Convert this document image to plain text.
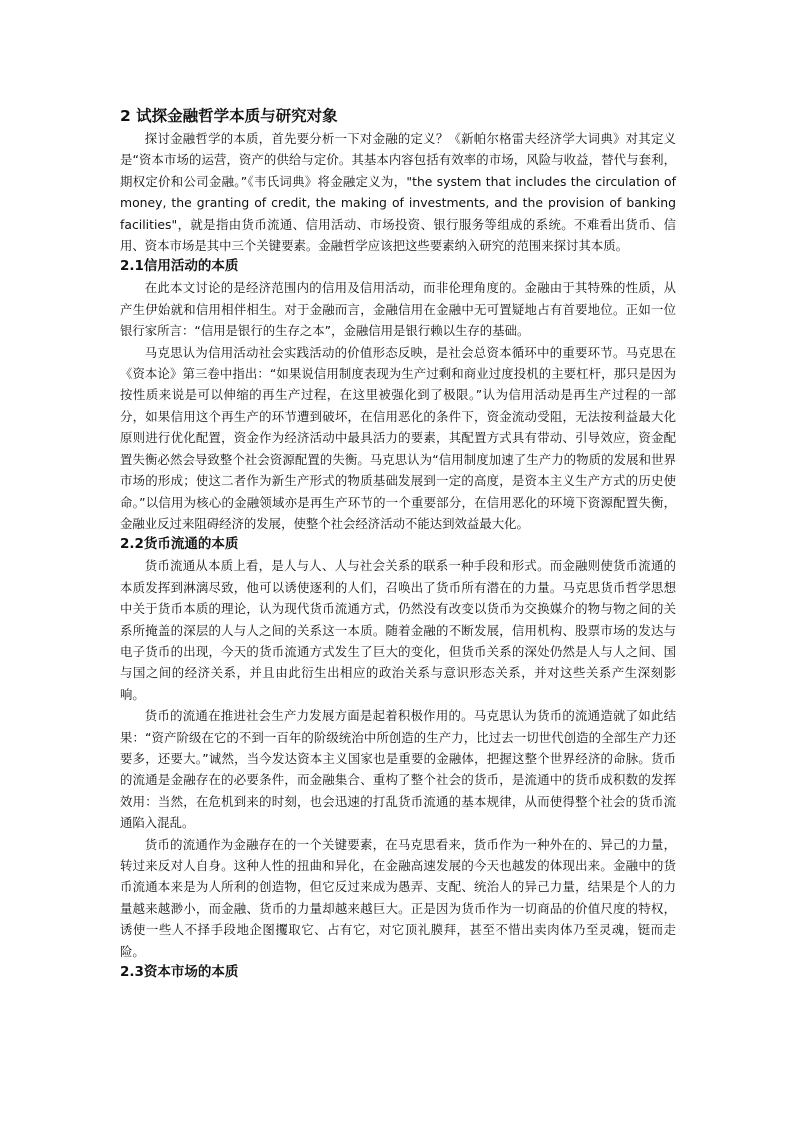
2 试探金融哲学本质与研究对象

探讨金融哲学的本质，首先要分析一下对金融的定义？《新帕尔格雷夫经济学大词典》对其定义是“资本市场的运营，资产的供给与定价。其基本内容包括有效率的市场，风险与收益，替代与套利，期权定价和公司金融。”《韦氏词典》将金融定义为，"the system that includes the circulation of money, the granting of credit, the making of investments, and the provision of banking facilities"，就是指由货币流通、信用活动、市场投资、银行服务等组成的系统。不难看出货币、信用、资本市场是其中三个关键要素。金融哲学应该把这些要素纳入研究的范围来探讨其本质。

2.1信用活动的本质

在此本文讨论的是经济范围内的信用及信用活动，而非伦理角度的。金融由于其特殊的性质，从产生伊始就和信用相伴相生。对于金融而言，金融信用在金融中无可置疑地占有首要地位。正如一位银行家所言：“信用是银行的生存之本”，金融信用是银行赖以生存的基础。

马克思认为信用活动社会实践活动的价值形态反映，是社会总资本循环中的重要环节。马克思在《资本论》第三卷中指出：“如果说信用制度表现为生产过剩和商业过度投机的主要杠杆，那只是因为按性质来说是可以伸缩的再生产过程，在这里被强化到了极限。”认为信用活动是再生产过程的一部分，如果信用这个再生产的环节遭到破坏，在信用恶化的条件下，资金流动受阻，无法按利益最大化原则进行优化配置，资金作为经济活动中最具活力的要素，其配置方式具有带动、引导效应，资金配置失衡必然会导致整个社会资源配置的失衡。马克思认为“信用制度加速了生产力的物质的发展和世界市场的形成；使这二者作为新生产形式的物质基础发展到一定的高度，是资本主义生产方式的历史使命。”以信用为核心的金融领域亦是再生产环节的一个重要部分，在信用恶化的环境下资源配置失衡，金融业反过来阻碍经济的发展，使整个社会经济活动不能达到效益最大化。

2.2货币流通的本质

货币流通从本质上看，是人与人、人与社会关系的联系一种手段和形式。而金融则使货币流通的本质发挥到淋漓尽致，他可以诱使逐利的人们，召唤出了货币所有潜在的力量。马克思货币哲学思想中关于货币本质的理论，认为现代货币流通方式，仍然没有改变以货币为交换媒介的物与物之间的关系所掩盖的深层的人与人之间的关系这一本质。随着金融的不断发展，信用机构、股票市场的发达与电子货币的出现，今天的货币流通方式发生了巨大的变化，但货币关系的深处仍然是人与人之间、国与国之间的经济关系，并且由此衍生出相应的政治关系与意识形态关系，并对这些关系产生深刻影响。

货币的流通在推进社会生产力发展方面是起着积极作用的。马克思认为货币的流通造就了如此结果：“资产阶级在它的不到一百年的阶级统治中所创造的生产力，比过去一切世代创造的全部生产力还要多，还要大。”诚然，当今发达资本主义国家也是重要的金融体，把握这整个世界经济的命脉。货币的流通是金融存在的必要条件，而金融集合、重构了整个社会的货币，是流通中的货币成积数的发挥效用：当然，在危机到来的时刻，也会迅速的打乱货币流通的基本规律，从而使得整个社会的货币流通陷入混乱。

货币的流通作为金融存在的一个关键要素，在马克思看来，货币作为一种外在的、异己的力量，转过来反对人自身。这种人性的扭曲和异化，在金融高速发展的今天也越发的体现出来。金融中的货币流通本来是为人所利的创造物，但它反过来成为愚弄、支配、统治人的异己力量，结果是个人的力量越来越渺小，而金融、货币的力量却越来越巨大。正是因为货币作为一切商品的价值尺度的特权，诱使一些人不择手段地企图攫取它、占有它，对它顶礼膜拜，甚至不惜出卖肉体乃至灵魂，铤而走险。

2.3资本市场的本质
